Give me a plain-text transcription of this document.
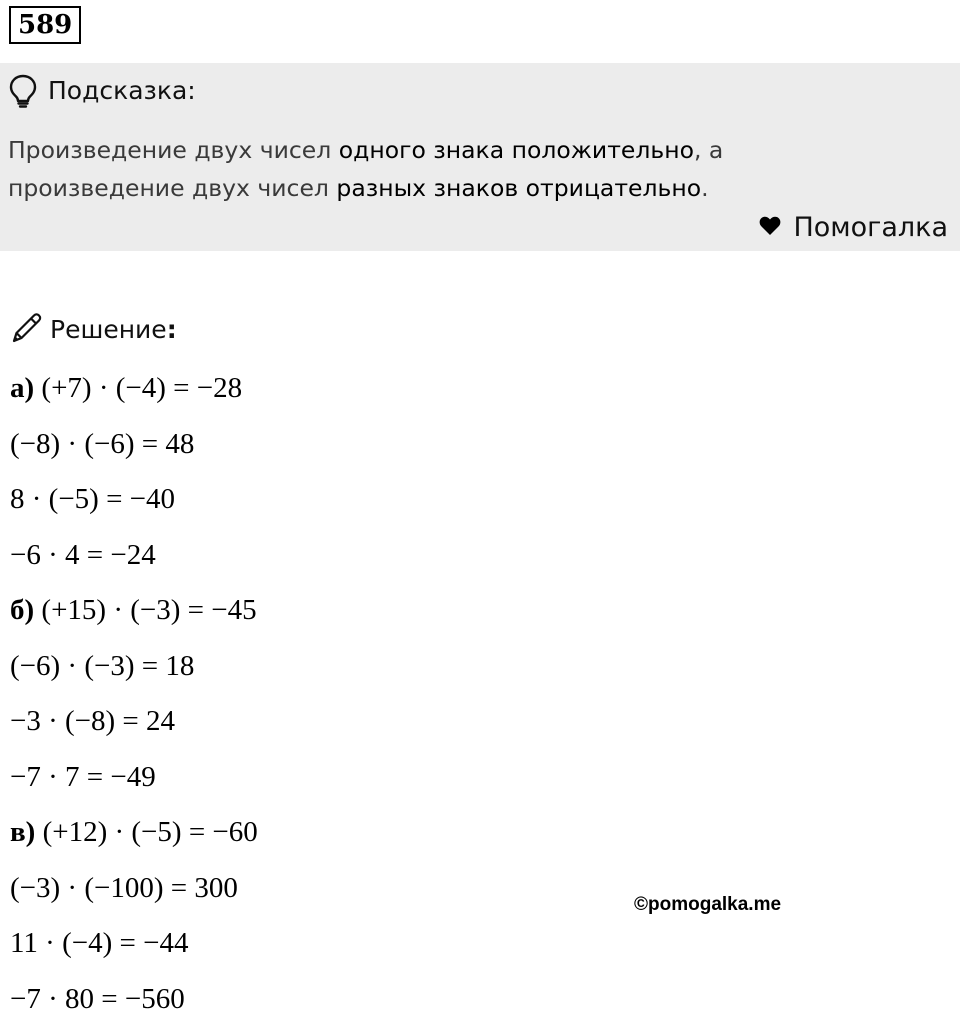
589
Подсказка:
Произведение двух чисел одного знака положительно, а
произведение двух чисел разных знаков отрицательно.
Помогалка
Решение:
а) (+7) · (−4) = −28
(−8) · (−6) = 48
8 · (−5) = −40
−6 · 4 = −24
б) (+15) · (−3) = −45
(−6) · (−3) = 18
−3 · (−8) = 24
−7 · 7 = −49
в) (+12) · (−5) = −60
(−3) · (−100) = 300
11 · (−4) = −44
−7 · 80 = −560
©pomogalka.me
